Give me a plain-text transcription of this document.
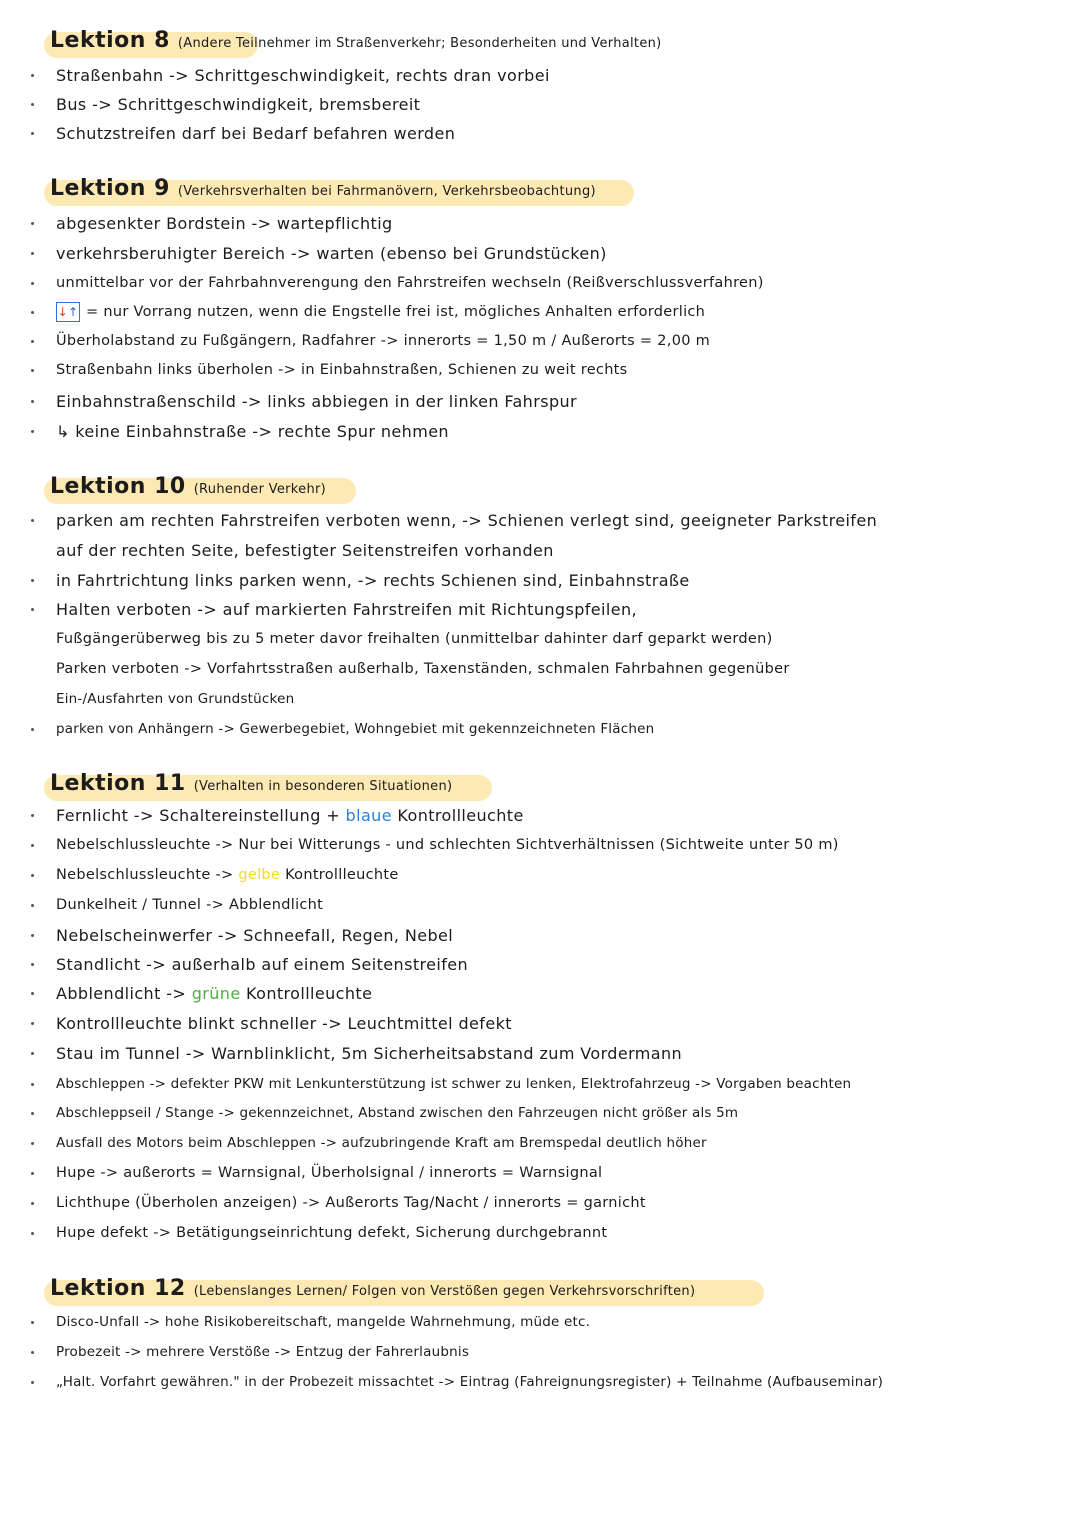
Lektion 8 (Andere Teilnehmer im Straßenverkehr; Besonderheiten und Verhalten)
Straßenbahn -> Schrittgeschwindigkeit, rechts dran vorbei
Bus -> Schrittgeschwindigkeit, bremsbereit
Schutzstreifen darf bei Bedarf befahren werden
Lektion 9 (Verkehrsverhalten bei Fahrmanövern, Verkehrsbeobachtung)
abgesenkter Bordstein -> wartepflichtig
verkehrsberuhigter Bereich -> warten (ebenso bei Grundstücken)
unmittelbar vor der Fahrbahnverengung den Fahrstreifen wechseln (Reißverschlussverfahren)
↓ ↑ = nur Vorrang nutzen, wenn die Engstelle frei ist, mögliches Anhalten erforderlich
Überholabstand zu Fußgängern, Radfahrer -> innerorts = 1,50 m / Außerorts = 2,00 m
Straßenbahn links überholen -> in Einbahnstraßen, Schienen zu weit rechts
Einbahnstraßenschild -> links abbiegen in der linken Fahrspur
↳ keine Einbahnstraße -> rechte Spur nehmen
Lektion 10 (Ruhender Verkehr)
parken am rechten Fahrstreifen verboten wenn, -> Schienen verlegt sind, geeigneter Parkstreifen
auf der rechten Seite, befestigter Seitenstreifen vorhanden
in Fahrtrichtung links parken wenn, -> rechts Schienen sind, Einbahnstraße
Halten verboten -> auf markierten Fahrstreifen mit Richtungspfeilen,
Fußgängerüberweg bis zu 5 meter davor freihalten (unmittelbar dahinter darf geparkt werden)
Parken verboten -> Vorfahrtsstraßen außerhalb, Taxenständen, schmalen Fahrbahnen gegenüber
Ein-/Ausfahrten von Grundstücken
parken von Anhängern -> Gewerbegebiet, Wohngebiet mit gekennzeichneten Flächen
Lektion 11 (Verhalten in besonderen Situationen)
Fernlicht -> Schaltereinstellung + blaue Kontrollleuchte
Nebelschlussleuchte -> Nur bei Witterungs - und schlechten Sichtverhältnissen (Sichtweite unter 50 m)
Nebelschlussleuchte -> gelbe Kontrollleuchte
Dunkelheit / Tunnel -> Abblendlicht
Nebelscheinwerfer -> Schneefall, Regen, Nebel
Standlicht -> außerhalb auf einem Seitenstreifen
Abblendlicht -> grüne Kontrollleuchte
Kontrollleuchte blinkt schneller -> Leuchtmittel defekt
Stau im Tunnel -> Warnblinklicht, 5m Sicherheitsabstand zum Vordermann
Abschleppen -> defekter PKW mit Lenkunterstützung ist schwer zu lenken, Elektrofahrzeug -> Vorgaben beachten
Abschleppseil / Stange -> gekennzeichnet, Abstand zwischen den Fahrzeugen nicht größer als 5m
Ausfall des Motors beim Abschleppen -> aufzubringende Kraft am Bremspedal deutlich höher
Hupe -> außerorts = Warnsignal, Überholsignal / innerorts = Warnsignal
Lichthupe (Überholen anzeigen) -> Außerorts Tag/Nacht / innerorts = garnicht
Hupe defekt -> Betätigungseinrichtung defekt, Sicherung durchgebrannt
Lektion 12 (Lebenslanges Lernen/ Folgen von Verstößen gegen Verkehrsvorschriften)
Disco-Unfall -> hohe Risikobereitschaft, mangelde Wahrnehmung, müde etc.
Probezeit -> mehrere Verstöße -> Entzug der Fahrerlaubnis
„Halt. Vorfahrt gewähren." in der Probezeit missachtet -> Eintrag (Fahreignungsregister) + Teilnahme (Aufbauseminar)
